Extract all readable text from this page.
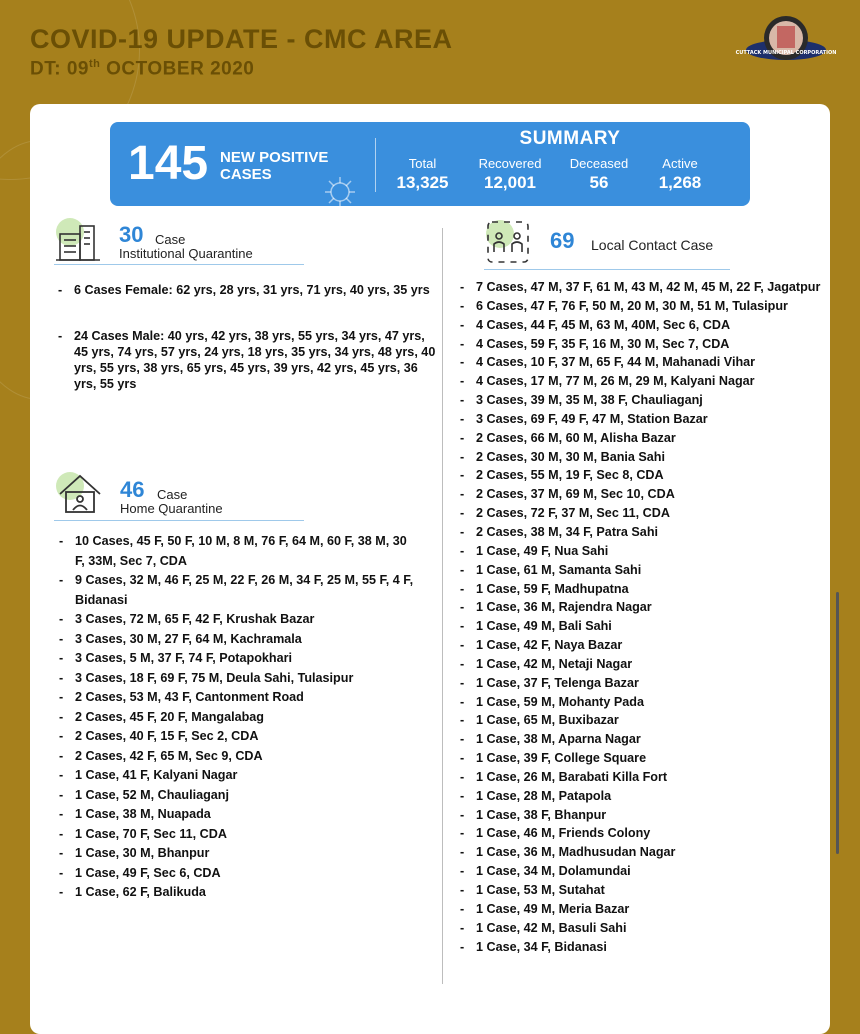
COVID-19 UPDATE - CMC AREA
DT: 09th OCTOBER 2020
CUTTACK MUNICIPAL CORPORATION
145 NEW POSITIVE CASES
SUMMARY
Total
13,325
Recovered
12,001
Deceased
56
Active
1,268
30 Case
Institutional Quarantine
- 6 Cases Female: 62 yrs, 28 yrs, 31 yrs, 71 yrs, 40 yrs, 35 yrs
- 24 Cases Male: 40 yrs, 42 yrs, 38 yrs, 55 yrs, 34 yrs, 47 yrs, 45 yrs, 74 yrs, 57 yrs, 24 yrs, 18 yrs, 35 yrs, 34 yrs, 48 yrs, 40 yrs, 55 yrs, 38 yrs, 65 yrs, 45 yrs, 39 yrs, 42 yrs, 45 yrs, 36 yrs, 55 yrs
46 Case
Home Quarantine
- 10 Cases, 45 F, 50 F, 10 M, 8 M, 76 F, 64 M, 60 F, 38 M, 30 F, 33M, Sec 7, CDA
- 9 Cases, 32 M, 46 F, 25 M, 22 F, 26 M, 34 F, 25 M, 55 F, 4 F, Bidanasi
- 3 Cases, 72 M, 65 F, 42 F, Krushak Bazar
- 3 Cases, 30 M, 27 F, 64 M, Kachramala
- 3 Cases, 5 M, 37 F, 74 F, Potapokhari
- 3 Cases, 18 F, 69 F, 75 M, Deula Sahi, Tulasipur
- 2 Cases, 53 M, 43 F, Cantonment Road
- 2 Cases, 45 F, 20 F, Mangalabag
- 2 Cases, 40 F, 15 F, Sec 2, CDA
- 2 Cases, 42 F, 65 M, Sec 9, CDA
- 1 Case, 41 F, Kalyani Nagar
- 1 Case, 52 M, Chauliaganj
- 1 Case, 38 M, Nuapada
- 1 Case, 70 F, Sec 11, CDA
- 1 Case, 30 M, Bhanpur
- 1 Case, 49 F, Sec 6, CDA
- 1 Case, 62 F, Balikuda
69 Local Contact Case
- 7 Cases, 47 M, 37 F, 61 M, 43 M, 42 M, 45 M, 22 F, Jagatpur
- 6 Cases, 47 F, 76 F, 50 M, 20 M, 30 M, 51 M, Tulasipur
- 4 Cases, 44 F, 45 M, 63 M, 40M, Sec 6, CDA
- 4 Cases, 59 F, 35 F, 16 M, 30 M, Sec 7, CDA
- 4 Cases, 10 F, 37 M, 65 F, 44 M, Mahanadi Vihar
- 4 Cases, 17 M, 77 M, 26 M, 29 M, Kalyani Nagar
- 3 Cases, 39 M, 35 M, 38 F, Chauliaganj
- 3 Cases, 69 F, 49 F, 47 M, Station Bazar
- 2 Cases, 66 M, 60 M, Alisha Bazar
- 2 Cases, 30 M, 30 M, Bania Sahi
- 2 Cases, 55 M, 19 F, Sec 8, CDA
- 2 Cases, 37 M, 69 M, Sec 10, CDA
- 2 Cases, 72 F, 37 M, Sec 11, CDA
- 2 Cases, 38 M, 34 F, Patra Sahi
- 1 Case, 49 F, Nua Sahi
- 1 Case, 61 M, Samanta Sahi
- 1 Case, 59 F, Madhupatna
- 1 Case, 36 M, Rajendra Nagar
- 1 Case, 49 M, Bali Sahi
- 1 Case, 42 F, Naya Bazar
- 1 Case, 42 M, Netaji Nagar
- 1 Case, 37 F, Telenga Bazar
- 1 Case, 59 M, Mohanty Pada
- 1 Case, 65 M, Buxibazar
- 1 Case, 38 M, Aparna Nagar
- 1 Case, 39 F, College Square
- 1 Case, 26 M, Barabati Killa Fort
- 1 Case, 28 M, Patapola
- 1 Case, 38 F, Bhanpur
- 1 Case, 46 M, Friends Colony
- 1 Case, 36 M, Madhusudan Nagar
- 1 Case, 34 M, Dolamundai
- 1 Case, 53 M, Sutahat
- 1 Case, 49 M, Meria Bazar
- 1 Case, 42 M, Basuli Sahi
- 1 Case, 34 F, Bidanasi
